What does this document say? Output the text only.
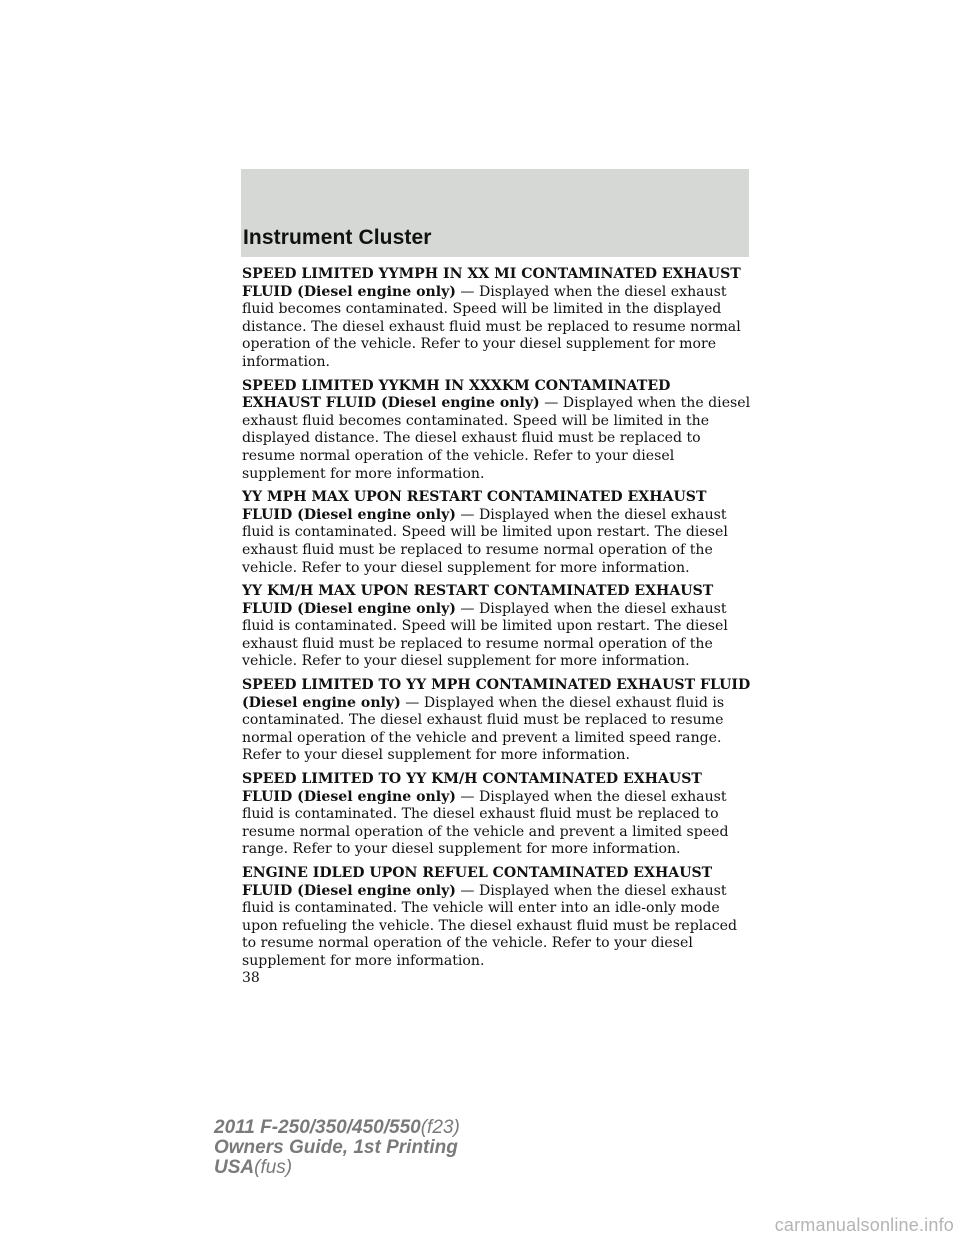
Instrument Cluster

SPEED LIMITED YYMPH IN XX MI CONTAMINATED EXHAUST FLUID (Diesel engine only) — Displayed when the diesel exhaust fluid becomes contaminated. Speed will be limited in the displayed distance. The diesel exhaust fluid must be replaced to resume normal operation of the vehicle. Refer to your diesel supplement for more information.

SPEED LIMITED YYKMH IN XXXKM CONTAMINATED EXHAUST FLUID (Diesel engine only) — Displayed when the diesel exhaust fluid becomes contaminated. Speed will be limited in the displayed distance. The diesel exhaust fluid must be replaced to resume normal operation of the vehicle. Refer to your diesel supplement for more information.

YY MPH MAX UPON RESTART CONTAMINATED EXHAUST FLUID (Diesel engine only) — Displayed when the diesel exhaust fluid is contaminated. Speed will be limited upon restart. The diesel exhaust fluid must be replaced to resume normal operation of the vehicle. Refer to your diesel supplement for more information.

YY KM/H MAX UPON RESTART CONTAMINATED EXHAUST FLUID (Diesel engine only) — Displayed when the diesel exhaust fluid is contaminated. Speed will be limited upon restart. The diesel exhaust fluid must be replaced to resume normal operation of the vehicle. Refer to your diesel supplement for more information.

SPEED LIMITED TO YY MPH CONTAMINATED EXHAUST FLUID (Diesel engine only) — Displayed when the diesel exhaust fluid is contaminated. The diesel exhaust fluid must be replaced to resume normal operation of the vehicle and prevent a limited speed range. Refer to your diesel supplement for more information.

SPEED LIMITED TO YY KM/H CONTAMINATED EXHAUST FLUID (Diesel engine only) — Displayed when the diesel exhaust fluid is contaminated. The diesel exhaust fluid must be replaced to resume normal operation of the vehicle and prevent a limited speed range. Refer to your diesel supplement for more information.

ENGINE IDLED UPON REFUEL CONTAMINATED EXHAUST FLUID (Diesel engine only) — Displayed when the diesel exhaust fluid is contaminated. The vehicle will enter into an idle-only mode upon refueling the vehicle. The diesel exhaust fluid must be replaced to resume normal operation of the vehicle. Refer to your diesel supplement for more information.

38
2011 F-250/350/450/550(f23)
Owners Guide, 1st Printing
USA(fus)
carmanualsonline.info
